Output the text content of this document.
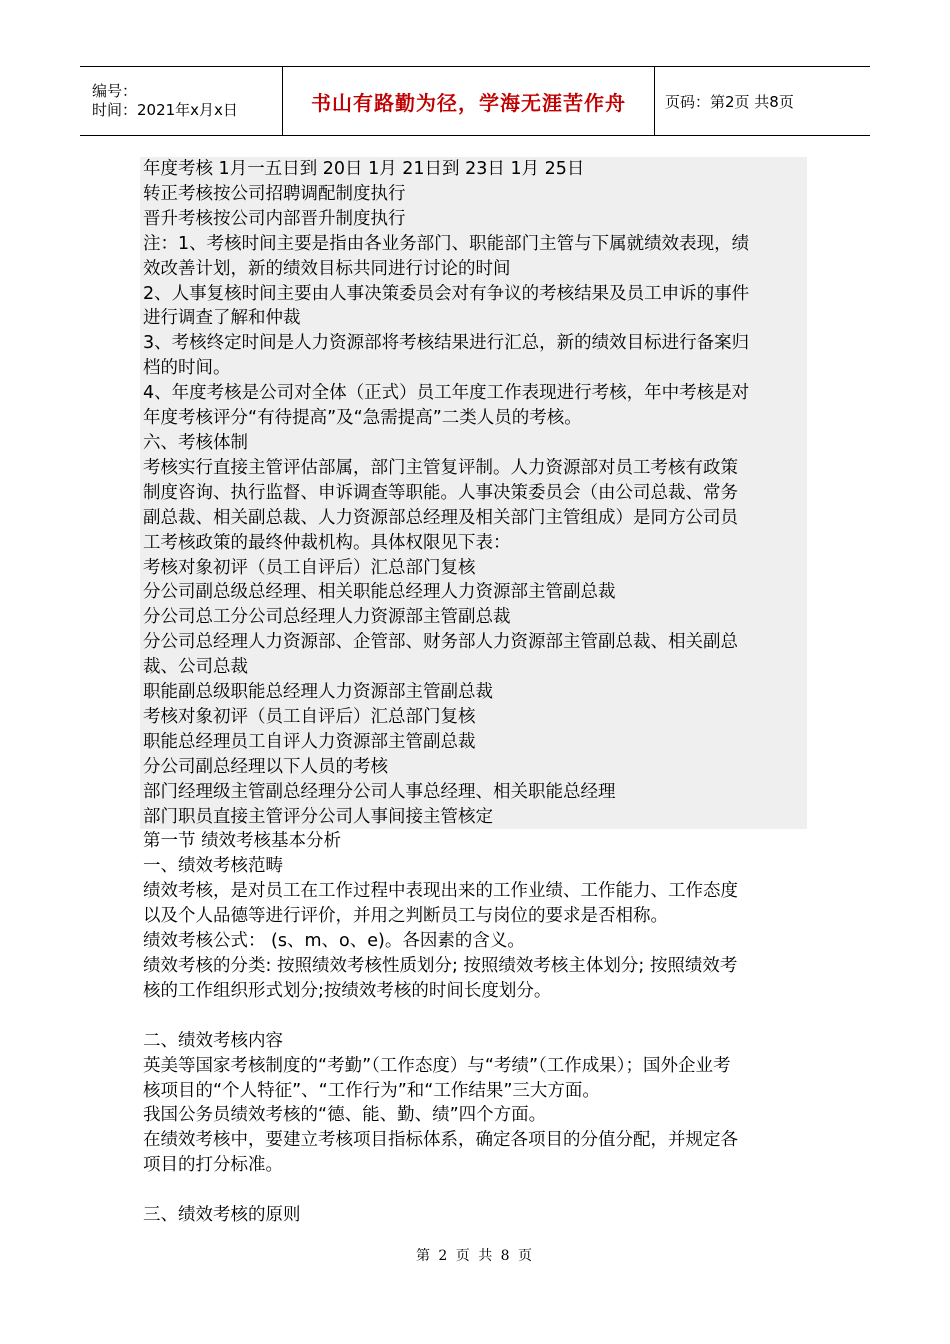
编号：
时间：2021年x月x日	书山有路勤为径，学海无涯苦作舟	页码：第2页 共8页

年度考核 1月一五日到 20日 1月 21日到 23日 1月 25日

转正考核按公司招聘调配制度执行

晋升考核按公司内部晋升制度执行

注：1、考核时间主要是指由各业务部门、职能部门主管与下属就绩效表现，绩

效改善计划，新的绩效目标共同进行讨论的时间

2、人事复核时间主要由人事决策委员会对有争议的考核结果及员工申诉的事件

进行调查了解和仲裁

3、考核终定时间是人力资源部将考核结果进行汇总，新的绩效目标进行备案归

档的时间。

4、年度考核是公司对全体（正式）员工年度工作表现进行考核，年中考核是对

年度考核评分“有待提高”及“急需提高”二类人员的考核。

六、考核体制

考核实行直接主管评估部属，部门主管复评制。人力资源部对员工考核有政策

制度咨询、执行监督、申诉调查等职能。人事决策委员会（由公司总裁、常务

副总裁、相关副总裁、人力资源部总经理及相关部门主管组成）是同方公司员

工考核政策的最终仲裁机构。具体权限见下表：

考核对象初评（员工自评后）汇总部门复核

分公司副总级总经理、相关职能总经理人力资源部主管副总裁

分公司总工分公司总经理人力资源部主管副总裁

分公司总经理人力资源部、企管部、财务部人力资源部主管副总裁、相关副总

裁、公司总裁

职能副总级职能总经理人力资源部主管副总裁

考核对象初评（员工自评后）汇总部门复核

职能总经理员工自评人力资源部主管副总裁

分公司副总经理以下人员的考核

部门经理级主管副总经理分公司人事总经理、相关职能总经理

部门职员直接主管评分公司人事间接主管核定

第一节 绩效考核基本分析

一、绩效考核范畴

绩效考核，是对员工在工作过程中表现出来的工作业绩、工作能力、工作态度

以及个人品德等进行评价，并用之判断员工与岗位的要求是否相称。

绩效考核公式： (s、m、o、e)。各因素的含义。

绩效考核的分类: 按照绩效考核性质划分; 按照绩效考核主体划分; 按照绩效考

核的工作组织形式划分;按绩效考核的时间长度划分。

二、绩效考核内容

英美等国家考核制度的“考勤”（工作态度）与“考绩”（工作成果）；国外企业考

核项目的“个人特征”、“工作行为”和“工作结果”三大方面。

我国公务员绩效考核的“德、能、勤、绩”四个方面。

在绩效考核中，要建立考核项目指标体系，确定各项目的分值分配，并规定各

项目的打分标准。

三、绩效考核的原则

第 2 页 共 8 页
